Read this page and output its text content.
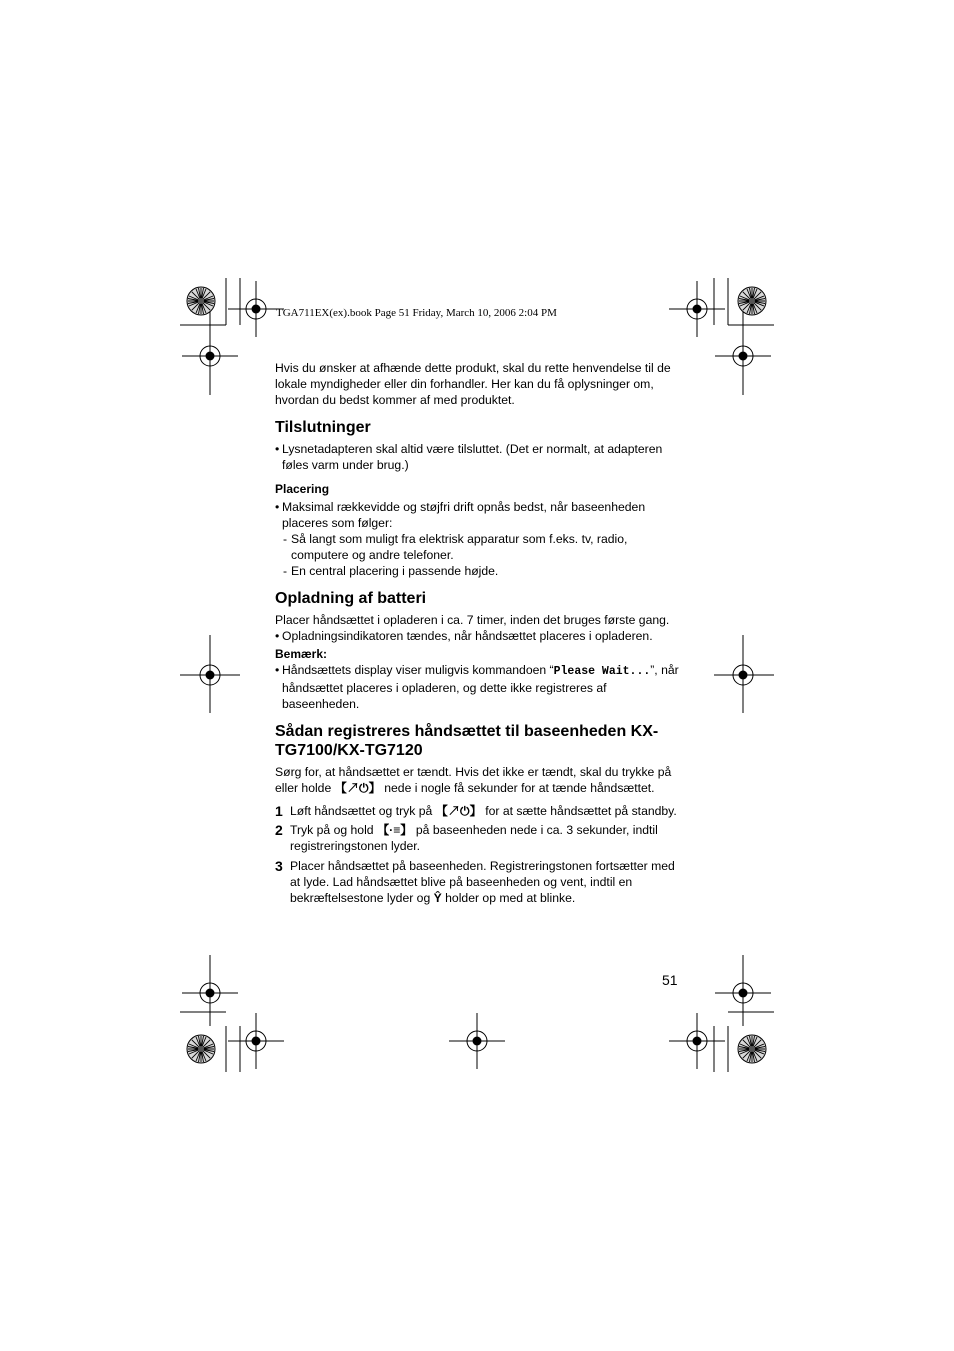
TGA711EX(ex).book Page 51 Friday, March 10, 2006 2:04 PM

Hvis du ønsker at afhænde dette produkt, skal du rette henvendelse til de lokale myndigheder eller din forhandler. Her kan du få oplysninger om, hvordan du bedst kommer af med produktet.

Tilslutninger

• Lysnetadapteren skal altid være tilsluttet. (Det er normalt, at adapteren føles varm under brug.)

Placering

• Maksimal rækkevidde og støjfri drift opnås bedst, når baseenheden placeres som følger:

- Så langt som muligt fra elektrisk apparatur som f.eks. tv, radio, computere og andre telefoner.

- En central placering i passende højde.

Opladning af batteri

Placer håndsættet i opladeren i ca. 7 timer, inden det bruges første gang.

• Opladningsindikatoren tændes, når håndsættet placeres i opladeren.

Bemærk:

• Håndsættets display viser muligvis kommandoen “Please Wait...”, når håndsættet placeres i opladeren, og dette ikke registreres af baseenheden.

Sådan registreres håndsættet til baseenheden KX-TG7100/KX-TG7120

Sørg for, at håndsættet er tændt. Hvis det ikke er tændt, skal du trykke på eller holde 【↗⏻】 nede i nogle få sekunder for at tænde håndsættet.

1 Løft håndsættet og tryk på 【↗⏻】 for at sætte håndsættet på standby.
2 Tryk på og hold 【·≡】 på baseenheden nede i ca. 3 sekunder, indtil registreringstonen lyder.
3 Placer håndsættet på baseenheden. Registreringstonen fortsætter med at lyde. Lad håndsættet blive på baseenheden og vent, indtil en bekræftelsestone lyder og Ŷ holder op med at blinke.
51
